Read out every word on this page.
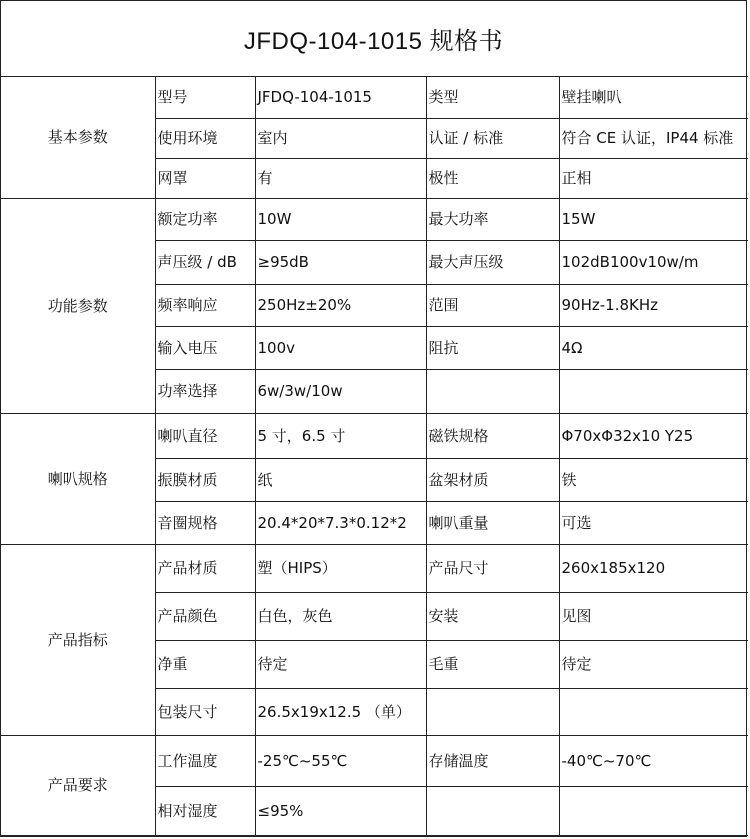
JFDQ-104-1015 规格书
基本参数	型号	JFDQ-104-1015	类型	壁挂喇叭
	使用环境	室内	认证 / 标准	符合 CE 认证，IP44 标准
	网罩	有	极性	正相
功能参数	额定功率	10W	最大功率	15W
	声压级 / dB	≥95dB	最大声压级	102dB100v10w/m
	频率响应	250Hz±20%	范围	90Hz-1.8KHz
	输入电压	100v	阻抗	4Ω
	功率选择	6w/3w/10w		
喇叭规格	喇叭直径	5 寸，6.5 寸	磁铁规格	Φ70xΦ32x10 Y25
	振膜材质	纸	盆架材质	铁
	音圈规格	20.4*20*7.3*0.12*2	喇叭重量	可选
产品指标	产品材质	塑（HIPS）	产品尺寸	260x185x120
	产品颜色	白色，灰色	安装	见图
	净重	待定	毛重	待定
	包装尺寸	26.5x19x12.5 （单）		
产品要求	工作温度	-25℃~55℃	存储温度	-40℃~70℃
	相对湿度	≤95%		
